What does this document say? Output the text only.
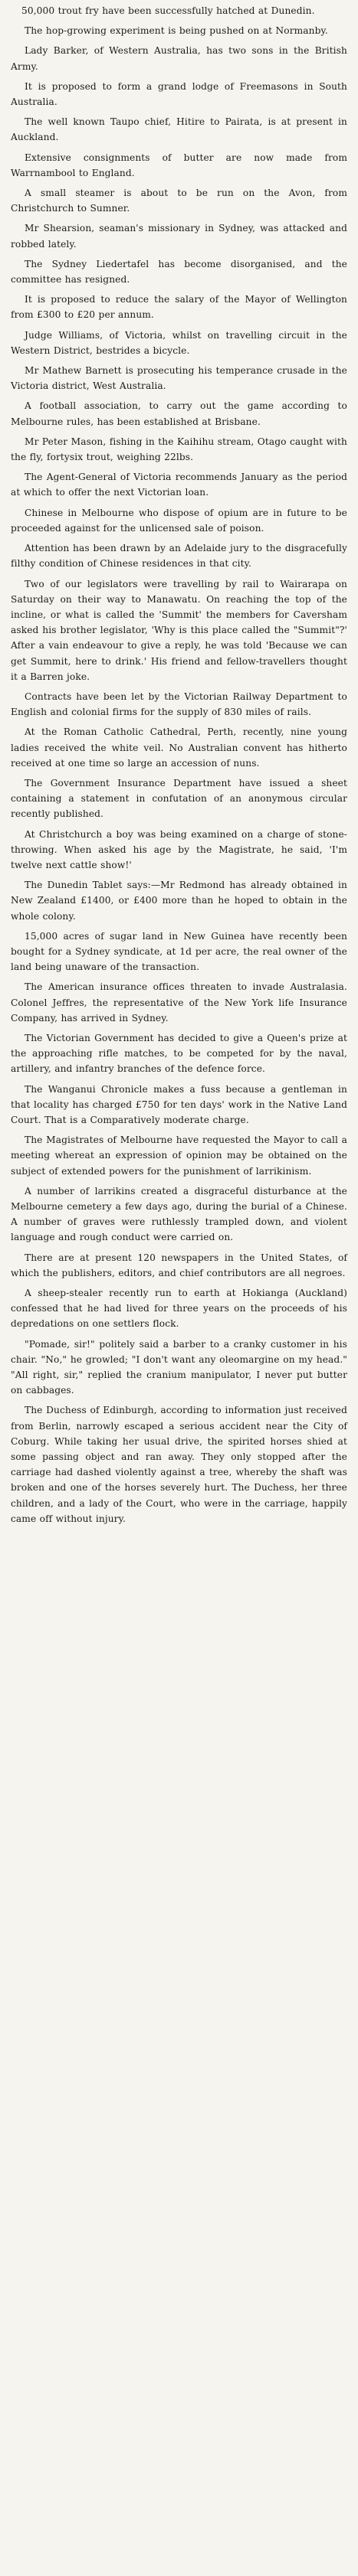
50,000 trout fry have been successfully hatched at Dunedin.

The hop-growing experiment is being pushed on at Normanby.

Lady Barker, of Western Australia, has two sons in the British Army.

It is proposed to form a grand lodge of Freemasons in South Australia.

The well known Taupo chief, Hitire to Pairata, is at present in Auckland.

Extensive consignments of butter are now made from Warrnambool to England.

A small steamer is about to be run on the Avon, from Christchurch to Sumner.

Mr Shearsion, seaman's missionary in Sydney, was attacked and robbed lately.

The Sydney Liedertafel has become disorganised, and the committee has resigned.

It is proposed to reduce the salary of the Mayor of Wellington from £300 to £20 per annum.

Judge Williams, of Victoria, whilst on travelling circuit in the Western District, bestrides a bicycle.

Mr Mathew Barnett is prosecuting his temperance crusade in the Victoria district, West Australia.

A football association, to carry out the game according to Melbourne rules, has been established at Brisbane.

Mr Peter Mason, fishing in the Kaihihu stream, Otago caught with the fly, fortysix trout, weighing 22lbs.

The Agent-General of Victoria recommends January as the period at which to offer the next Victorian loan.

Chinese in Melbourne who dispose of opium are in future to be proceeded against for the unlicensed sale of poison.

Attention has been drawn by an Adelaide jury to the disgracefully filthy condition of Chinese residences in that city.

Two of our legislators were travelling by rail to Wairarapa on Saturday on their way to Manawatu. On reaching the top of the incline, or what is called the 'Summit' the members for Caversham asked his brother legislator, 'Why is this place called the "Summit"?' After a vain endeavour to give a reply, he was told 'Because we can get Summit, here to drink.' His friend and fellow-travellers thought it a Barren joke.

Contracts have been let by the Victorian Railway Department to English and colonial firms for the supply of 830 miles of rails.

At the Roman Catholic Cathedral, Perth, recently, nine young ladies received the white veil. No Australian convent has hitherto received at one time so large an accession of nuns.

The Government Insurance Department have issued a sheet containing a statement in confutation of an anonymous circular recently published.

At Christchurch a boy was being examined on a charge of stone-throwing. When asked his age by the Magistrate, he said, 'I'm twelve next cattle show!'

The Dunedin Tablet says:—Mr Redmond has already obtained in New Zealand £1400, or £400 more than he hoped to obtain in the whole colony.

15,000 acres of sugar land in New Guinea have recently been bought for a Sydney syndicate, at 1d per acre, the real owner of the land being unaware of the transaction.

The American insurance offices threaten to invade Australasia. Colonel Jeffres, the representative of the New York life Insurance Company, has arrived in Sydney.

The Victorian Government has decided to give a Queen's prize at the approaching rifle matches, to be competed for by the naval, artillery, and infantry branches of the defence force.

The Wanganui Chronicle makes a fuss because a gentleman in that locality has charged £750 for ten days' work in the Native Land Court. That is a Comparatively moderate charge.

The Magistrates of Melbourne have requested the Mayor to call a meeting whereat an expression of opinion may be obtained on the subject of extended powers for the punishment of larrikinism.

A number of larrikins created a disgraceful disturbance at the Melbourne cemetery a few days ago, during the burial of a Chinese. A number of graves were ruthlessly trampled down, and violent language and rough conduct were carried on.

There are at present 120 newspapers in the United States, of which the publishers, editors, and chief contributors are all negroes.

A sheep-stealer recently run to earth at Hokianga (Auckland) confessed that he had lived for three years on the proceeds of his depredations on one settlers flock.

"Pomade, sir!" politely said a barber to a cranky customer in his chair. "No," he growled; "I don't want any oleomargine on my head." "All right, sir," replied the cranium manipulator, I never put butter on cabbages.

The Duchess of Edinburgh, according to information just received from Berlin, narrowly escaped a serious accident near the City of Coburg. While taking her usual drive, the spirited horses shied at some passing object and ran away. They only stopped after the carriage had dashed violently against a tree, whereby the shaft was broken and one of the horses severely hurt. The Duchess, her three children, and a lady of the Court, who were in the carriage, happily came off without injury.
